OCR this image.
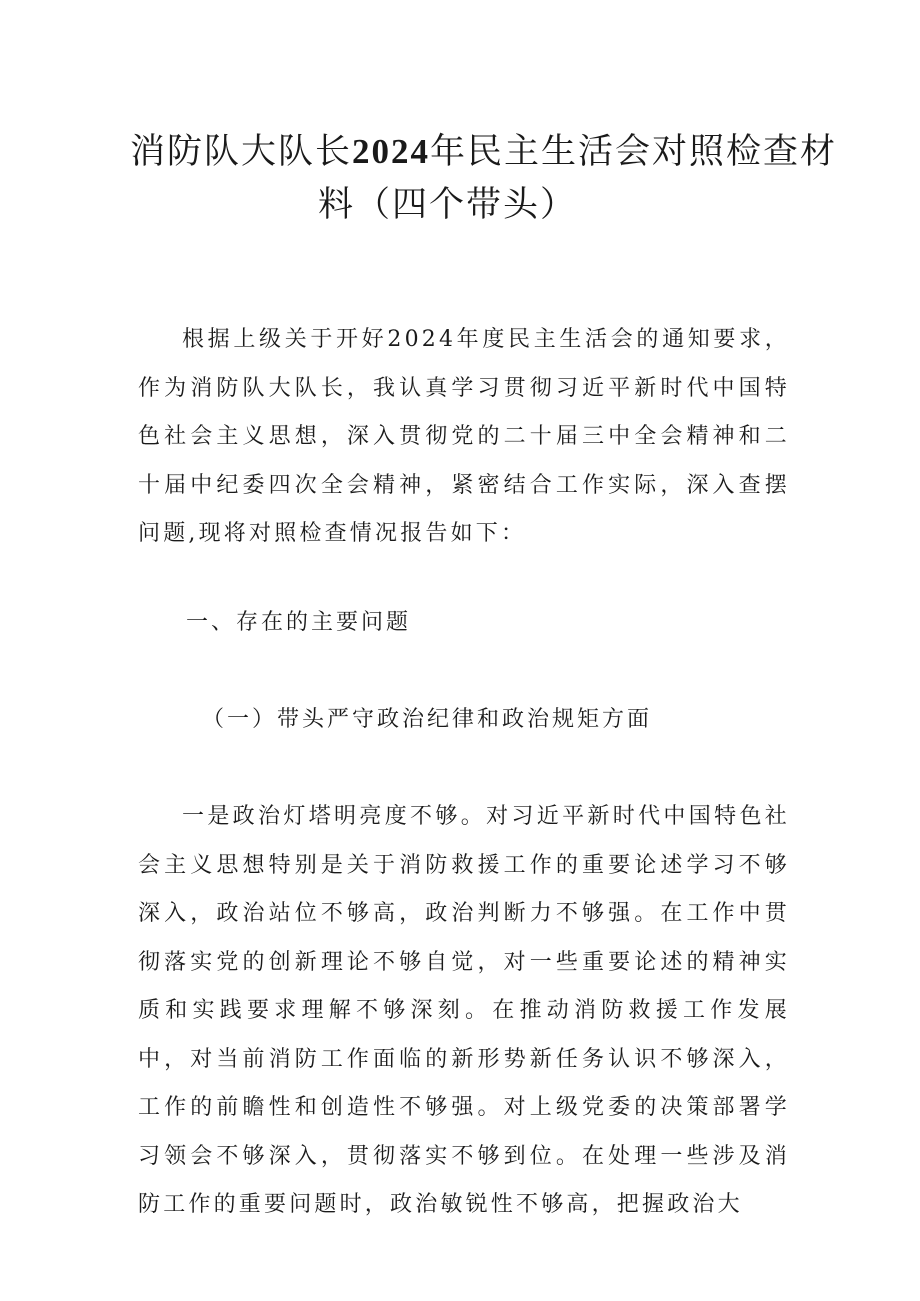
消防队大队长2024年民主生活会对照检查材
料（四个带头）

根据上级关于开好2024年度民主生活会的通知要求，作为消防队大队长，我认真学习贯彻习近平新时代中国特色社会主义思想，深入贯彻党的二十届三中全会精神和二十届中纪委四次全会精神，紧密结合工作实际，深入查摆问题,现将对照检查情况报告如下：

一、存在的主要问题
（一）带头严守政治纪律和政治规矩方面

一是政治灯塔明亮度不够。对习近平新时代中国特色社会主义思想特别是关于消防救援工作的重要论述学习不够深入，政治站位不够高，政治判断力不够强。在工作中贯彻落实党的创新理论不够自觉，对一些重要论述的精神实质和实践要求理解不够深刻。在推动消防救援工作发展中，对当前消防工作面临的新形势新任务认识不够深入，工作的前瞻性和创造性不够强。对上级党委的决策部署学习领会不够深入，贯彻落实不够到位。在处理一些涉及消防工作的重要问题时，政治敏锐性不够高，把握政治大
